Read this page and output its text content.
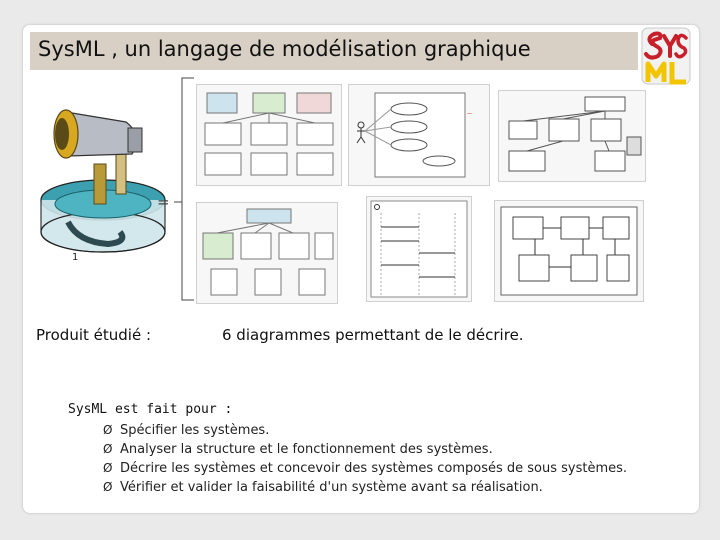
SysML , un langage de modélisation graphique
1
=
—
Produit étudié :	6 diagrammes permettant de le décrire.
SysML est fait pour :
Ø Spécifier les systèmes.
Ø Analyser la structure et le fonctionnement des systèmes.
Ø Décrire les systèmes et concevoir des systèmes composés de sous systèmes.
Ø Vérifier et valider la faisabilité d'un système avant sa réalisation.
